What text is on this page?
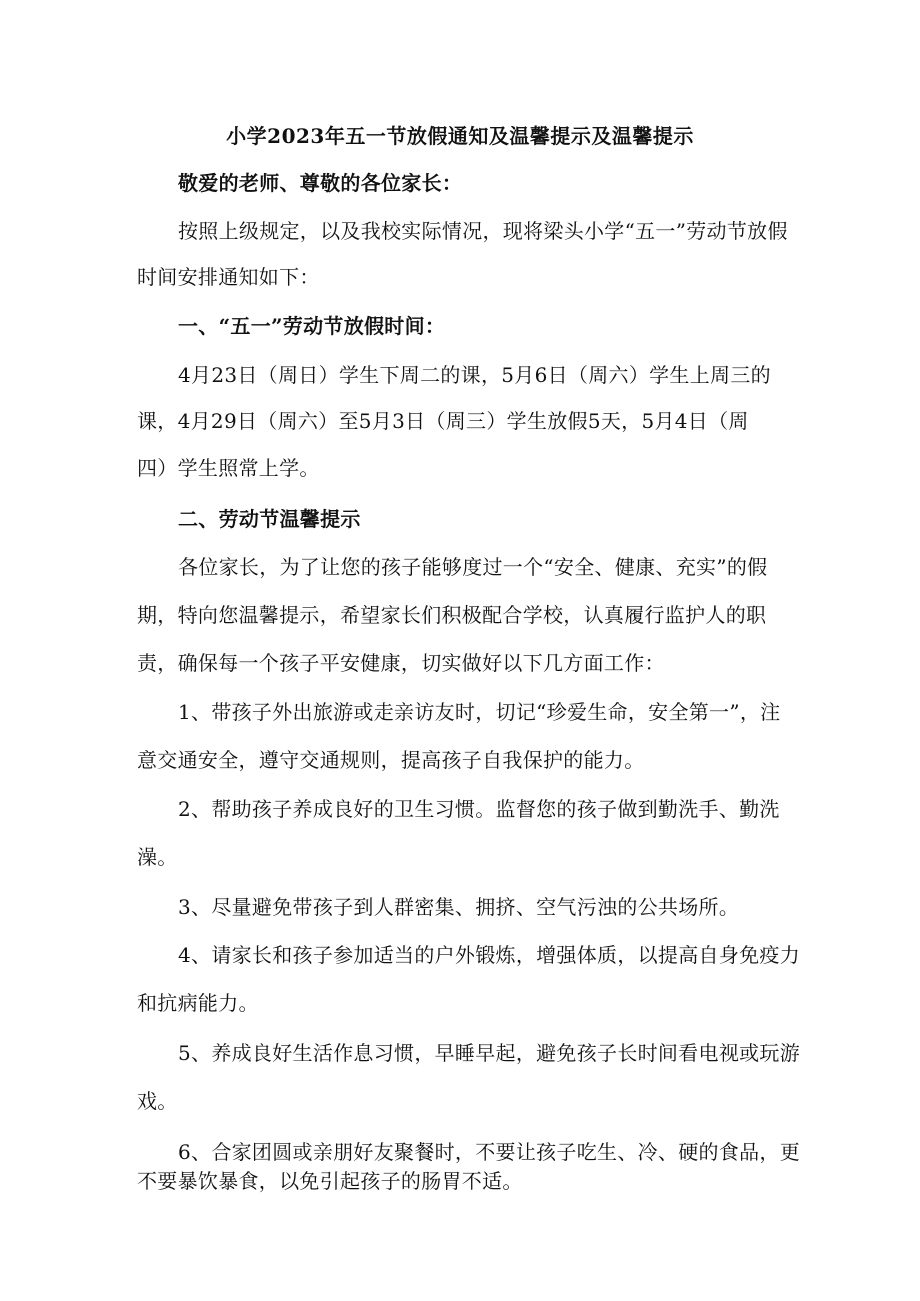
小学2023年五一节放假通知及温馨提示及温馨提示
敬爱的老师、尊敬的各位家长：
按照上级规定，以及我校实际情况，现将梁头小学“五一”劳动节放假
时间安排通知如下：
一、“五一”劳动节放假时间：
4月23日（周日）学生下周二的课，5月6日（周六）学生上周三的
课，4月29日（周六）至5月3日（周三）学生放假5天，5月4日（周
四）学生照常上学。
二、劳动节温馨提示
各位家长，为了让您的孩子能够度过一个“安全、健康、充实”的假
期，特向您温馨提示，希望家长们积极配合学校，认真履行监护人的职
责，确保每一个孩子平安健康，切实做好以下几方面工作：
1、带孩子外出旅游或走亲访友时，切记“珍爱生命，安全第一”，注
意交通安全，遵守交通规则，提高孩子自我保护的能力。
2、帮助孩子养成良好的卫生习惯。监督您的孩子做到勤洗手、勤洗
澡。
3、尽量避免带孩子到人群密集、拥挤、空气污浊的公共场所。
4、请家长和孩子参加适当的户外锻炼，增强体质，以提高自身免疫力
和抗病能力。
5、养成良好生活作息习惯，早睡早起，避免孩子长时间看电视或玩游
戏。
6、合家团圆或亲朋好友聚餐时，不要让孩子吃生、冷、硬的食品，更
不要暴饮暴食，以免引起孩子的肠胃不适。
